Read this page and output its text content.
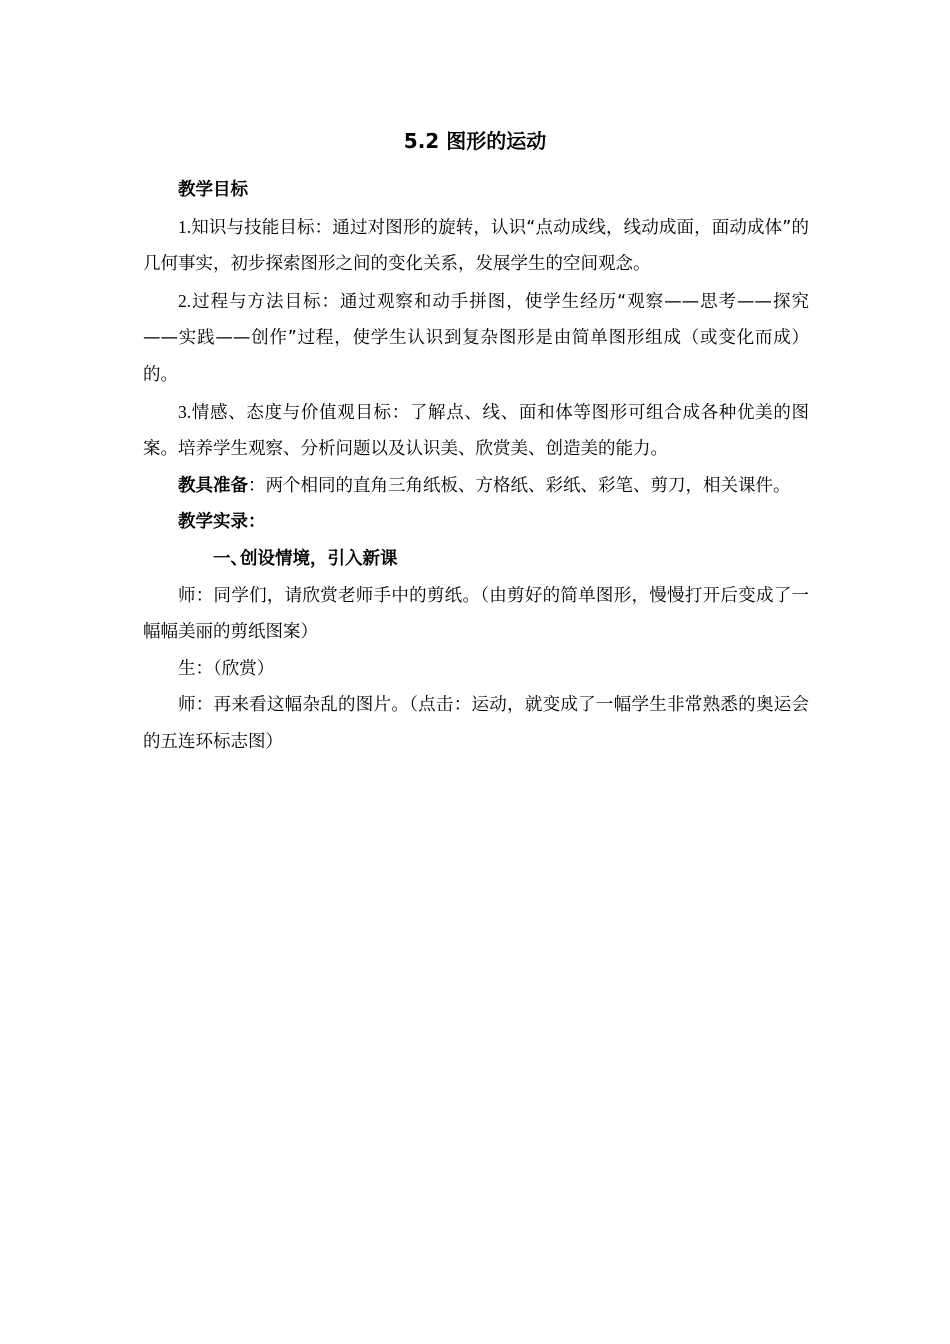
5.2 图形的运动

教学目标

1.知识与技能目标：通过对图形的旋转，认识“点动成线，线动成面，面动成体”的几何事实，初步探索图形之间的变化关系，发展学生的空间观念。

2.过程与方法目标：通过观察和动手拼图，使学生经历“观察——思考——探究——实践——创作”过程，使学生认识到复杂图形是由简单图形组成（或变化而成）的。

3.情感、态度与价值观目标：了解点、线、面和体等图形可组合成各种优美的图案。培养学生观察、分析问题以及认识美、欣赏美、创造美的能力。

教具准备：两个相同的直角三角纸板、方格纸、彩纸、彩笔、剪刀，相关课件。

教学实录：

一、创设情境，引入新课

师：同学们，请欣赏老师手中的剪纸。（由剪好的简单图形，慢慢打开后变成了一幅幅美丽的剪纸图案）

生：（欣赏）

师：再来看这幅杂乱的图片。（点击：运动，就变成了一幅学生非常熟悉的奥运会的五连环标志图）
